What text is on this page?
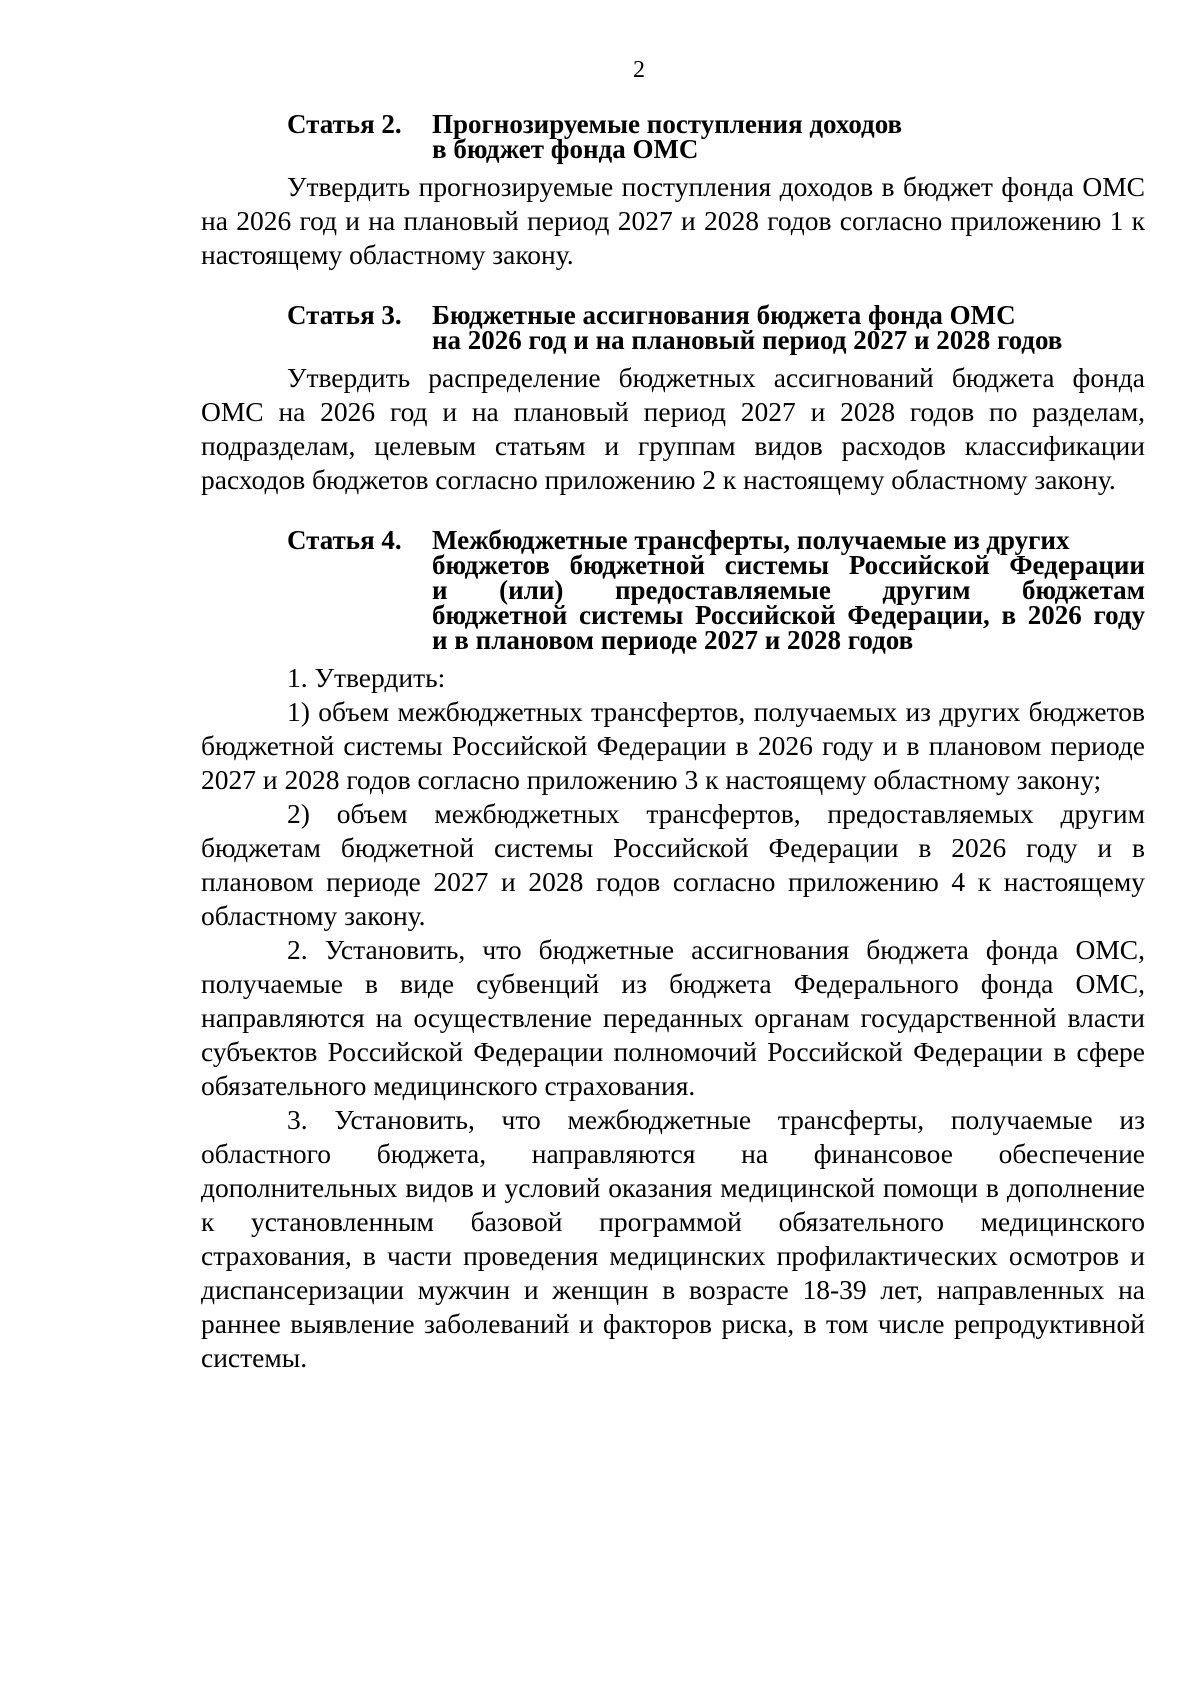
2
Статья 2.	Прогнозируемые поступления доходов
в бюджет фонда ОМС

Утвердить прогнозируемые поступления доходов в бюджет фонда ОМС на 2026 год и на плановый период 2027 и 2028 годов согласно приложению 1 к настоящему областному закону.

Статья 3.	Бюджетные ассигнования бюджета фонда ОМС
на 2026 год и на плановый период 2027 и 2028 годов

Утвердить распределение бюджетных ассигнований бюджета фонда ОМС на 2026 год и на плановый период 2027 и 2028 годов по разделам, подразделам, целевым статьям и группам видов расходов классификации расходов бюджетов согласно приложению 2 к настоящему областному закону.

Статья 4.	Межбюджетные трансферты, получаемые из других
бюджетов бюджетной системы Российской Федерации
и (или) предоставляемые другим бюджетам
бюджетной системы Российской Федерации, в 2026 году
и в плановом периоде 2027 и 2028 годов

1. Утвердить:

1) объем межбюджетных трансфертов, получаемых из других бюджетов бюджетной системы Российской Федерации в 2026 году и в плановом периоде 2027 и 2028 годов согласно приложению 3 к настоящему областному закону;

2) объем межбюджетных трансфертов, предоставляемых другим бюджетам бюджетной системы Российской Федерации в 2026 году и в плановом периоде 2027 и 2028 годов согласно приложению 4 к настоящему областному закону.

2. Установить, что бюджетные ассигнования бюджета фонда ОМС, получаемые в виде субвенций из бюджета Федерального фонда ОМС, направляются на осуществление переданных органам государственной власти субъектов Российской Федерации полномочий Российской Федерации в сфере обязательного медицинского страхования.

3. Установить, что межбюджетные трансферты, получаемые из областного бюджета, направляются на финансовое обеспечение дополнительных видов и условий оказания медицинской помощи в дополнение к установленным базовой программой обязательного медицинского страхования, в части проведения медицинских профилактических осмотров и диспансеризации мужчин и женщин в возрасте 18-39 лет, направленных на раннее выявление заболеваний и факторов риска, в том числе репродуктивной системы.
